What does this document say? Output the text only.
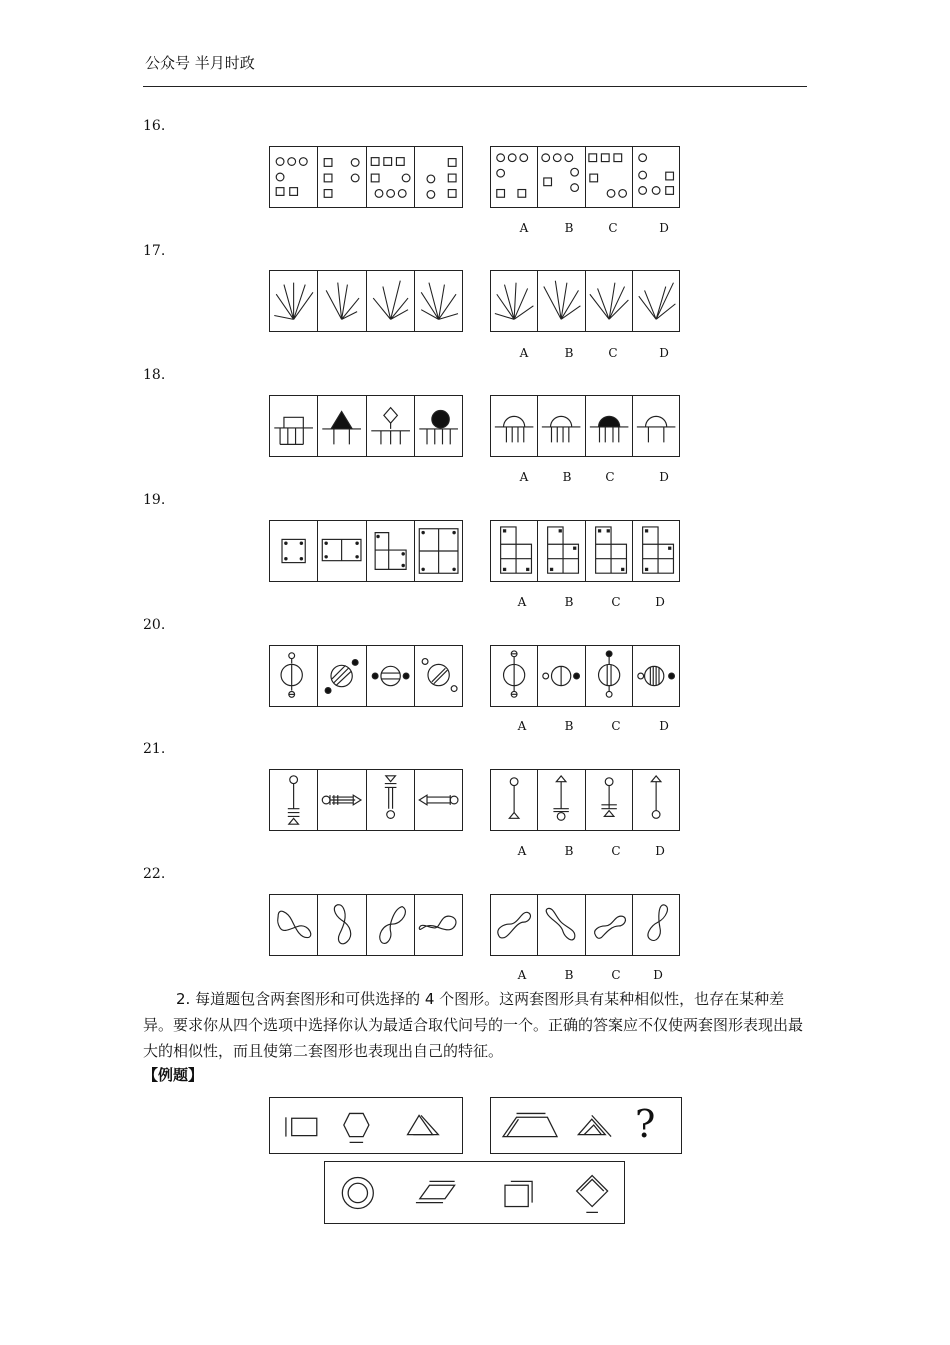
公众号 半月时政
16.
A	B	C	D
17.
A	B	C	D
18.
A	B	C	D
19.
A	B	C	D
20.
A	B	C	D
21.
A	B	C	D
22.
A	B	C	D
2. 每道题包含两套图形和可供选择的 4 个图形。这两套图形具有某种相似性，也存在某种差异。要求你从四个选项中选择你认为最适合取代问号的一个。正确的答案应不仅使两套图形表现出最大的相似性，而且使第二套图形也表现出自己的特征。
【例题】
?
